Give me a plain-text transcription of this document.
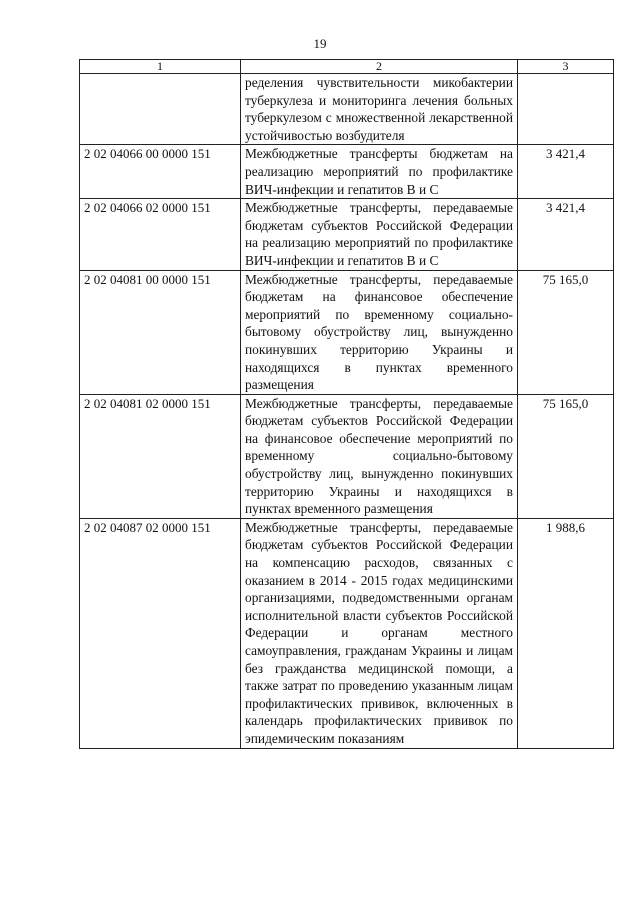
19
1	2	3
	ределения чувствительности микобактерии туберкулеза и мониторинга лечения больных туберкулезом с множественной лекарственной устойчивостью возбудителя	
2 02 04066 00 0000 151	Межбюджетные трансферты бюджетам на реализацию мероприятий по профилактике ВИЧ-инфекции и гепатитов В и С	3 421,4
2 02 04066 02 0000 151	Межбюджетные трансферты, передаваемые бюджетам субъектов Российской Федерации на реализацию мероприятий по профилактике ВИЧ-инфекции и гепатитов В и С	3 421,4
2 02 04081 00 0000 151	Межбюджетные трансферты, передаваемые бюджетам на финансовое обеспечение мероприятий по временному социально-бытовому обустройству лиц, вынужденно покинувших территорию Украины и находящихся в пунктах временного размещения	75 165,0
2 02 04081 02 0000 151	Межбюджетные трансферты, передаваемые бюджетам субъектов Российской Федерации на финансовое обеспечение мероприятий по временному социально-бытовому обустройству лиц, вынужденно покинувших территорию Украины и находящихся в пунктах временного размещения	75 165,0
2 02 04087 02 0000 151	Межбюджетные трансферты, передаваемые бюджетам субъектов Российской Федерации на компенсацию расходов, связанных с оказанием в 2014 - 2015 годах медицинскими организациями, подведомственными органам исполнительной власти субъектов Российской Федерации и органам местного самоуправления, гражданам Украины и лицам без гражданства медицинской помощи, а также затрат по проведению указанным лицам профилактических прививок, включенных в календарь профилактических прививок по эпидемическим показаниям	1 988,6
